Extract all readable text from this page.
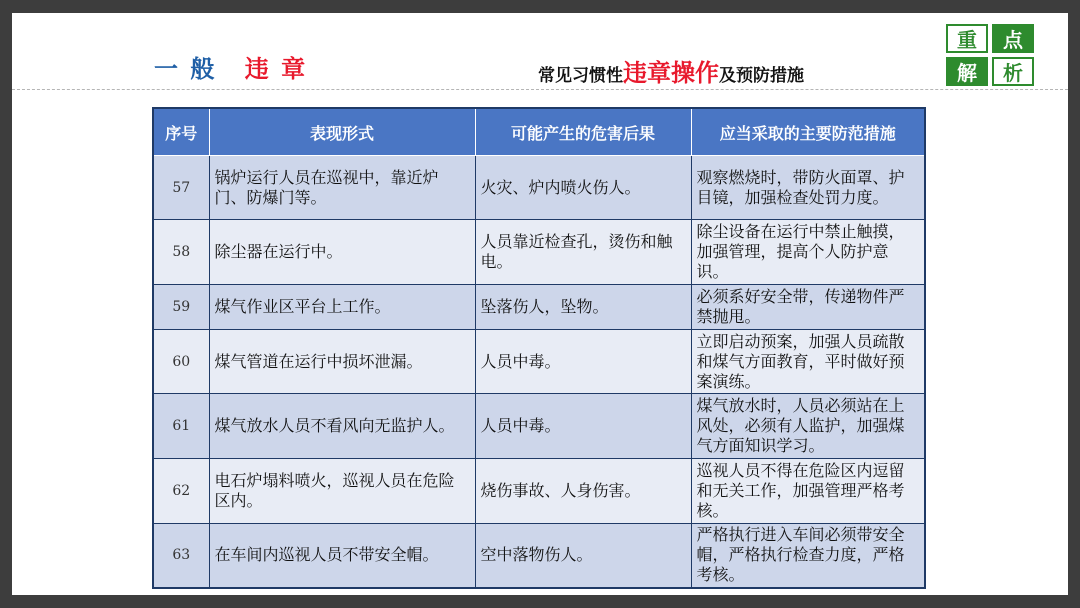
一 般 违 章	常见习惯性违章操作及预防措施
重	点
解	析
序号	表现形式	可能产生的危害后果	应当采取的主要防范措施
57	锅炉运行人员在巡视中，靠近炉门、防爆门等。	火灾、炉内喷火伤人。	观察燃烧时，带防火面罩、护目镜，加强检查处罚力度。
58	除尘器在运行中。	人员靠近检查孔，烫伤和触电。	除尘设备在运行中禁止触摸，加强管理，提高个人防护意识。
59	煤气作业区平台上工作。	坠落伤人，坠物。	必须系好安全带，传递物件严禁抛甩。
60	煤气管道在运行中损坏泄漏。	人员中毒。	立即启动预案，加强人员疏散和煤气方面教育，平时做好预案演练。
61	煤气放水人员不看风向无监护人。	人员中毒。	煤气放水时，人员必须站在上风处，必须有人监护，加强煤气方面知识学习。
62	电石炉塌料喷火，巡视人员在危险区内。	烧伤事故、人身伤害。	巡视人员不得在危险区内逗留和无关工作，加强管理严格考核。
63	在车间内巡视人员不带安全帽。	空中落物伤人。	严格执行进入车间必须带安全帽，严格执行检查力度，严格考核。
